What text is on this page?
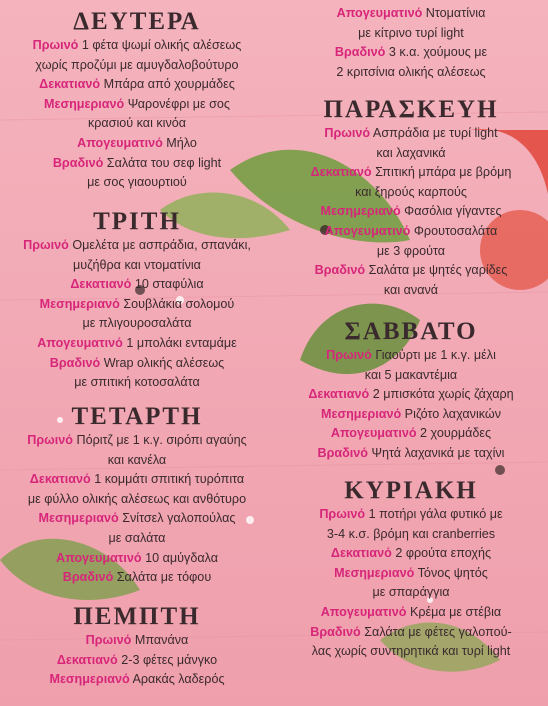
ΔΕΥΤΕΡΑ

Πρωινό 1 φέτα ψωμί ολικής αλέσεως
χωρίς προζύμι με αμυγδαλοβούτυρο

Δεκατιανό Μπάρα από χουρμάδες

Μεσημεριανό Ψαρονέφρι με σος
κρασιού και κινόα

Απογευματινό Μήλο

Βραδινό Σαλάτα του σεφ light
με σος γιαουρτιού

ΤΡΙΤΗ

Πρωινό Ομελέτα με ασπράδια, σπανάκι,
μυζήθρα και ντοματίνια

Δεκατιανό 10 σταφύλια

Μεσημεριανό Σουβλάκια σολομού
με πλιγουροσαλάτα

Απογευματινό 1 μπολάκι ενταμάμε

Βραδινό Wrap ολικής αλέσεως
με σπιτική κοτοσαλάτα

ΤΕΤΑΡΤΗ

Πρωινό Πόριτζ με 1 κ.γ. σιρόπι αγαύης
και κανέλα

Δεκατιανό 1 κομμάτι σπιτική τυρόπιτα
με φύλλο ολικής αλέσεως και ανθότυρο

Μεσημεριανό Σνίτσελ γαλοπούλας
με σαλάτα

Απογευματινό 10 αμύγδαλα

Βραδινό Σαλάτα με τόφου

ΠΕΜΠΤΗ

Πρωινό Μπανάνα

Δεκατιανό 2-3 φέτες μάνγκο

Μεσημεριανό Αρακάς λαδερός

Απογευματινό Ντοματίνια
με κίτρινο τυρί light

Βραδινό 3 κ.α. χούμους με
2 κριτσίνια ολικής αλέσεως

ΠΑΡΑΣΚΕΥΗ

Πρωινό Ασπράδια με τυρί light
και λαχανικά

Δεκατιανό Σπιτική μπάρα με βρόμη
και ξηρούς καρπούς

Μεσημεριανό Φασόλια γίγαντες

Απογευματινό Φρουτοσαλάτα
με 3 φρούτα

Βραδινό Σαλάτα με ψητές γαρίδες
και ανανά

ΣΑΒΒΑΤΟ

Πρωινό Γιαούρτι με 1 κ.γ. μέλι
και 5 μακαντέμια

Δεκατιανό 2 μπισκότα χωρίς ζάχαρη

Μεσημεριανό Ριζότο λαχανικών

Απογευματινό 2 χουρμάδες

Βραδινό Ψητά λαχανικά με ταχίνι

ΚΥΡΙΑΚΗ

Πρωινό 1 ποτήρι γάλα φυτικό με
3-4 κ.σ. βρόμη και cranberries

Δεκατιανό 2 φρούτα εποχής

Μεσημεριανό Τόνος ψητός
με σπαράγγια

Απογευματινό Κρέμα με στέβια

Βραδινό Σαλάτα με φέτες γαλοπού-
λας χωρίς συντηρητικά και τυρί light
